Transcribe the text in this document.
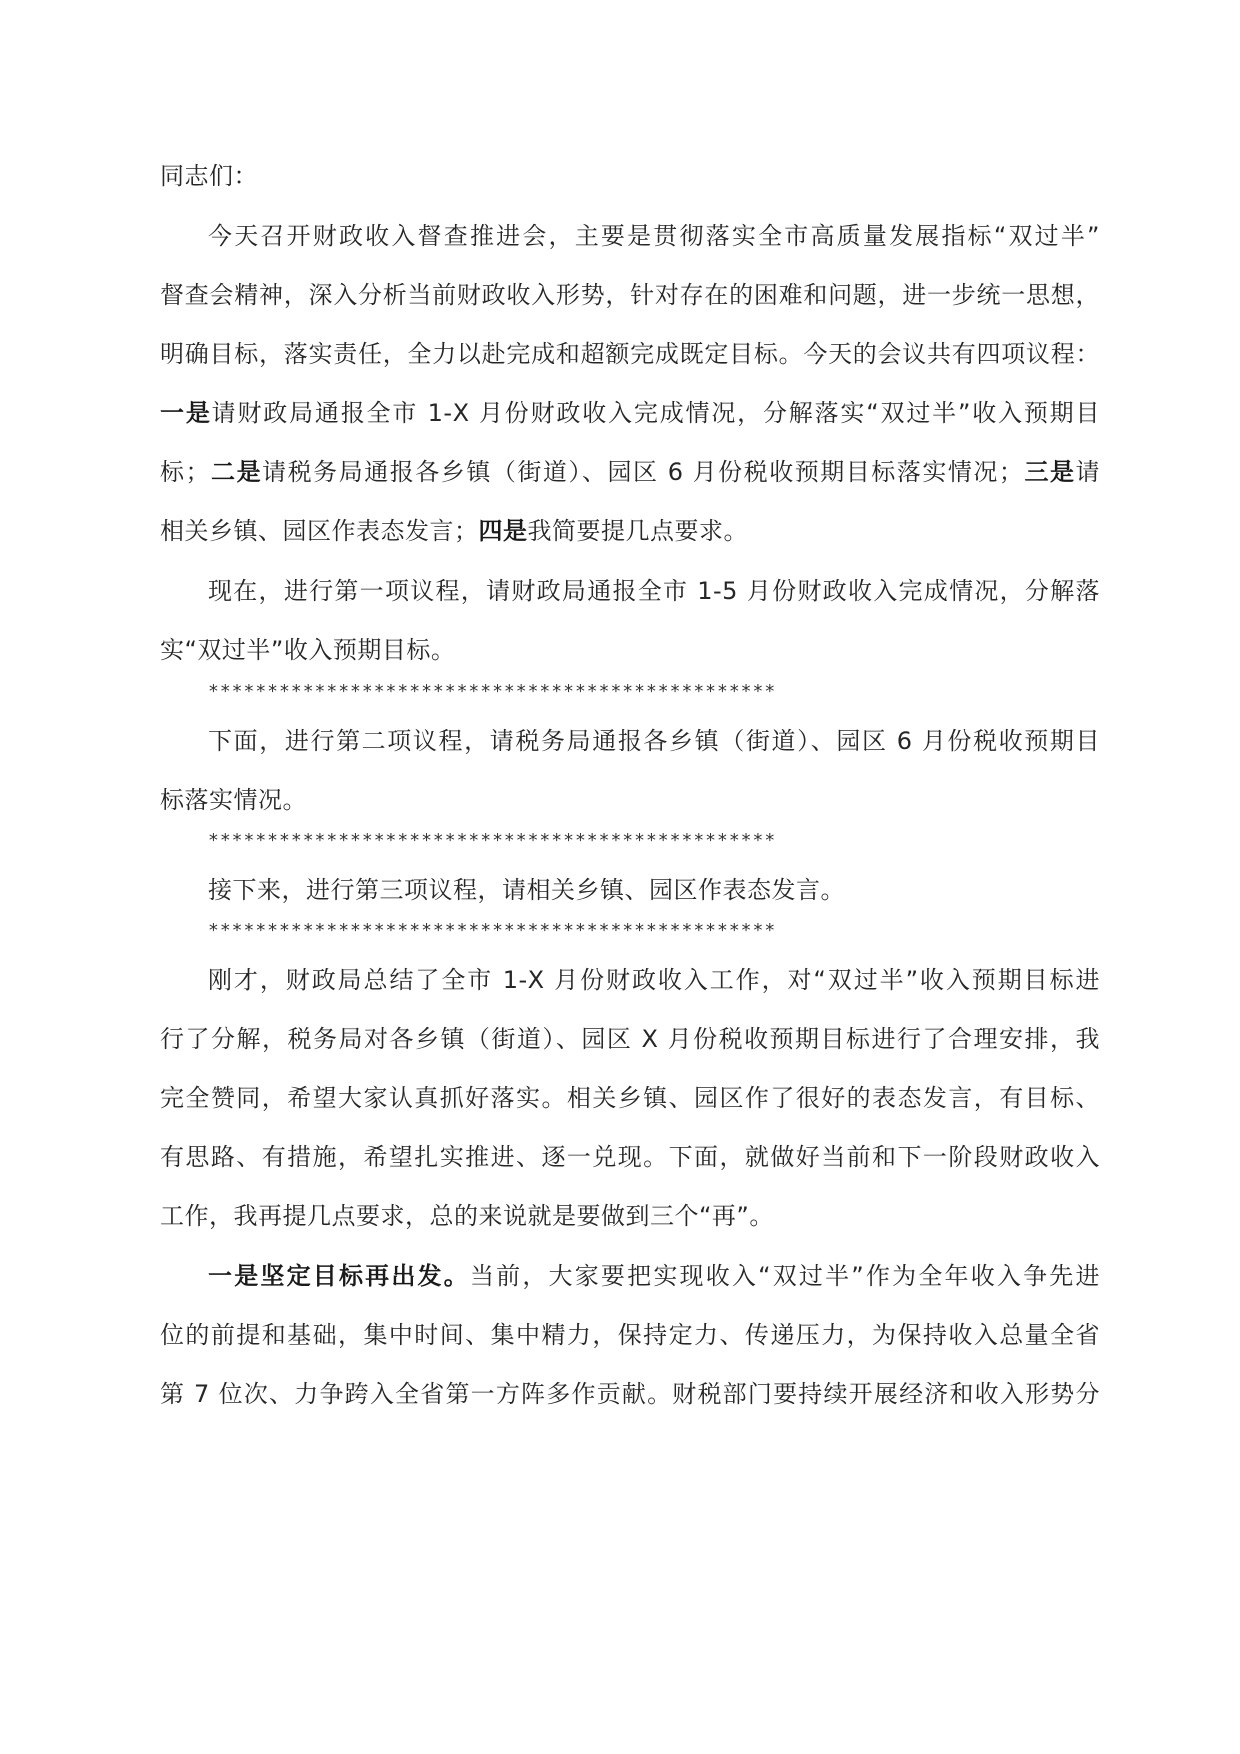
同志们：
今天召开财政收入督查推进会，主要是贯彻落实全市高质量发展指标“双过半”
督查会精神，深入分析当前财政收入形势，针对存在的困难和问题，进一步统一思想，
明确目标，落实责任，全力以赴完成和超额完成既定目标。今天的会议共有四项议程：
一是请财政局通报全市 1-X 月份财政收入完成情况，分解落实“双过半”收入预期目
标；二是请税务局通报各乡镇（街道）、园区 6 月份税收预期目标落实情况；三是请
相关乡镇、园区作表态发言；四是我简要提几点要求。
现在，进行第一项议程，请财政局通报全市 1-5 月份财政收入完成情况，分解落
实“双过半”收入预期目标。
************************************************
下面，进行第二项议程，请税务局通报各乡镇（街道）、园区 6 月份税收预期目
标落实情况。
************************************************
接下来，进行第三项议程，请相关乡镇、园区作表态发言。
************************************************
刚才，财政局总结了全市 1-X 月份财政收入工作，对“双过半”收入预期目标进
行了分解，税务局对各乡镇（街道）、园区 X 月份税收预期目标进行了合理安排，我
完全赞同，希望大家认真抓好落实。相关乡镇、园区作了很好的表态发言，有目标、
有思路、有措施，希望扎实推进、逐一兑现。下面，就做好当前和下一阶段财政收入
工作，我再提几点要求，总的来说就是要做到三个“再”。
一是坚定目标再出发。当前，大家要把实现收入“双过半”作为全年收入争先进
位的前提和基础，集中时间、集中精力，保持定力、传递压力，为保持收入总量全省
第 7 位次、力争跨入全省第一方阵多作贡献。财税部门要持续开展经济和收入形势分
